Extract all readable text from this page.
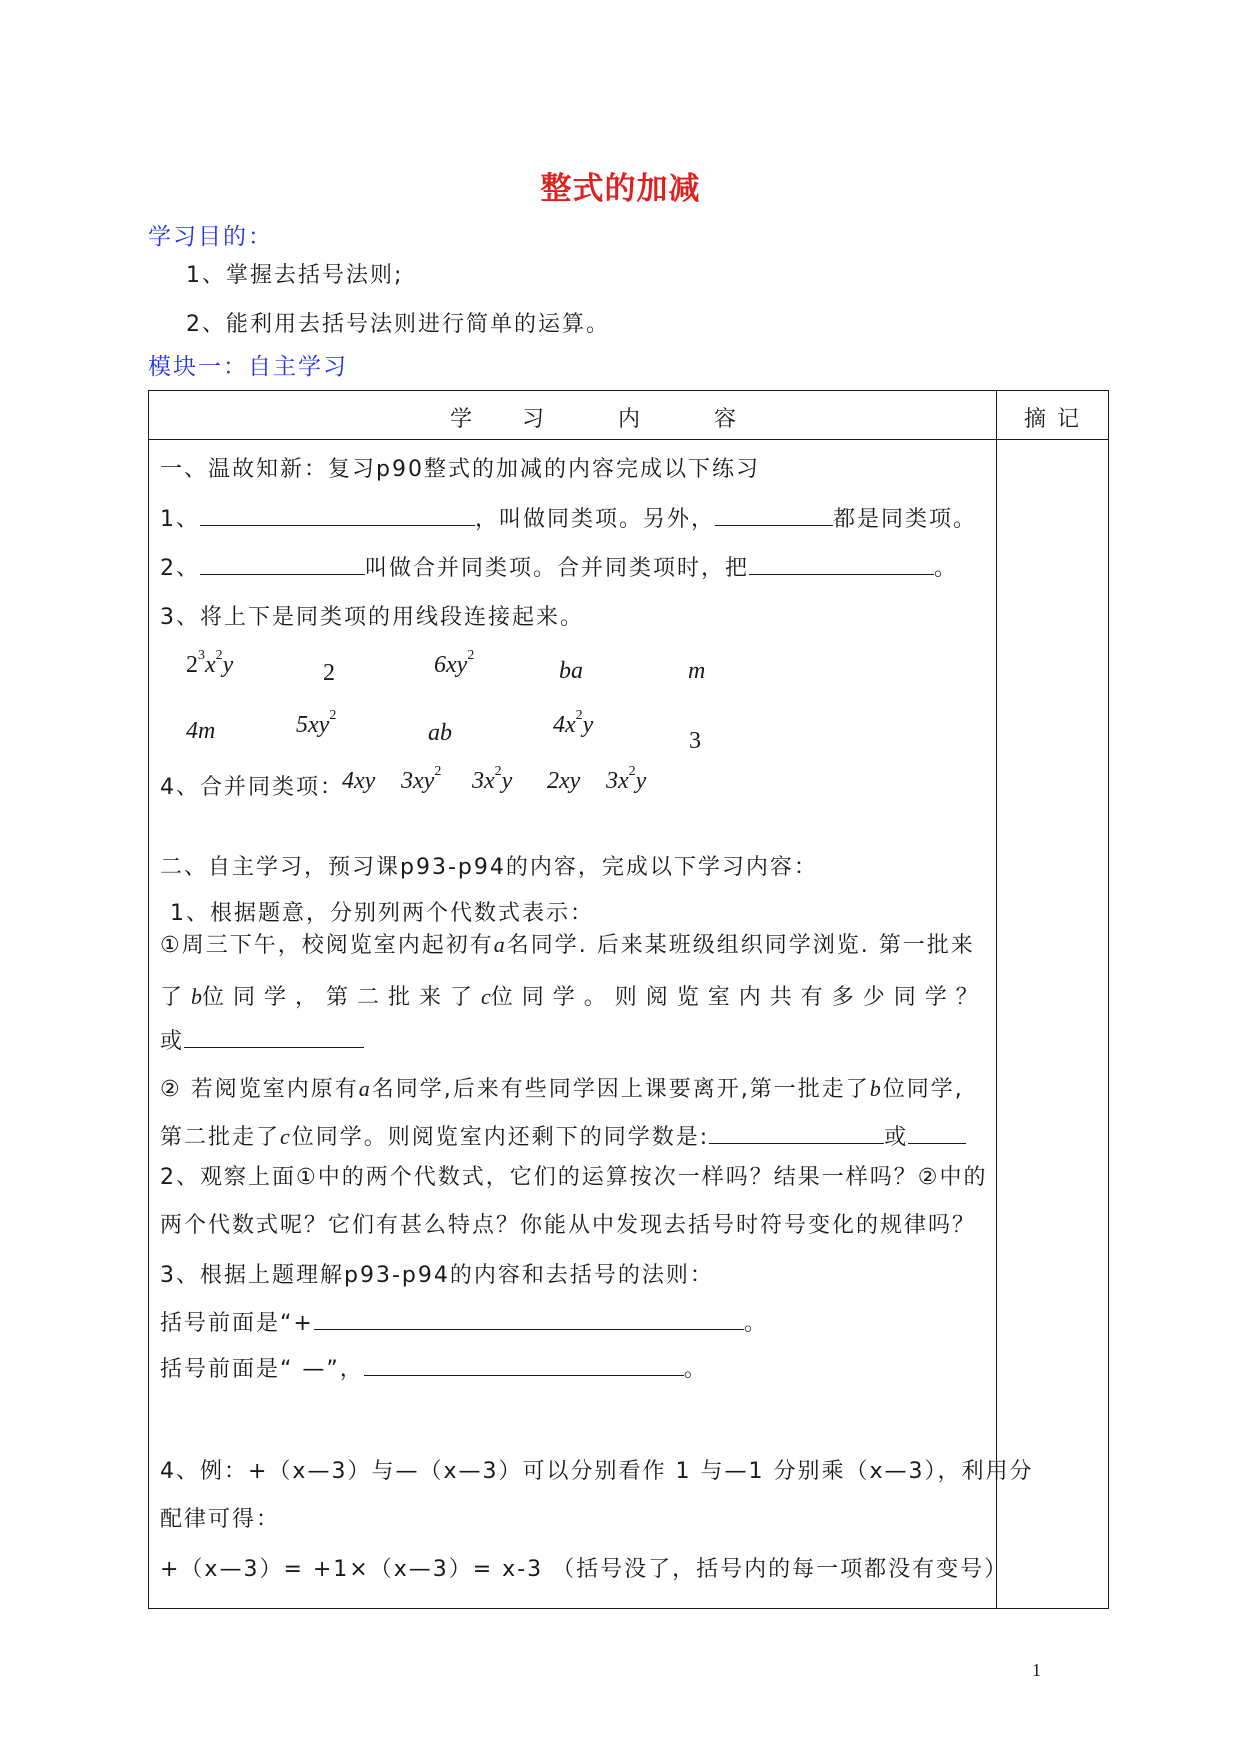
整式的加减
学习目的：
1、掌握去括号法则;
2、能利用去括号法则进行简单的运算。
模块一：自主学习
学　　习　　　内　　　容	摘 记
一、温故知新：复习p90整式的加减的内容完成以下练习
1、	，叫做同类项。另外，	都是同类项。
2、	叫做合并同类项。合并同类项时，把	。
3、将上下是同类项的用线段连接起来。
$2^3x^2y$	2	$6xy^2$
ba	m
4m	$5xy^2$
ab	$4x^2y$
3
4、合并同类项：
4xy $3xy^2$ $3x^2y$ 2xy $3x^2y$
二、自主学习，预习课p93-p94的内容，完成以下学习内容：
1、根据题意，分别列两个代数式表示：
①周三下午，校阅览室内起初有a名同学. 后来某班级组织同学浏览. 第一批来
了b位同学，第二批来了c位同学。则阅览室内共有多少同学？
或
② 若阅览室内原有a名同学,后来有些同学因上课要离开,第一批走了b位同学,
第二批走了c位同学。则阅览室内还剩下的同学数是:	或
2、观察上面①中的两个代数式，它们的运算按次一样吗？结果一样吗？②中的
两个代数式呢？它们有甚么特点？你能从中发现去括号时符号变化的规律吗？
3、根据上题理解p93-p94的内容和去括号的法则：
括号前面是“+	。
括号前面是“ —”，	。
4、例：+（x—3）与—（x—3）可以分别看作 1 与—1 分别乘（x—3），利用分
配律可得：
+（x—3）= +1×（x—3）= x-3 （括号没了，括号内的每一项都没有变号）
1
